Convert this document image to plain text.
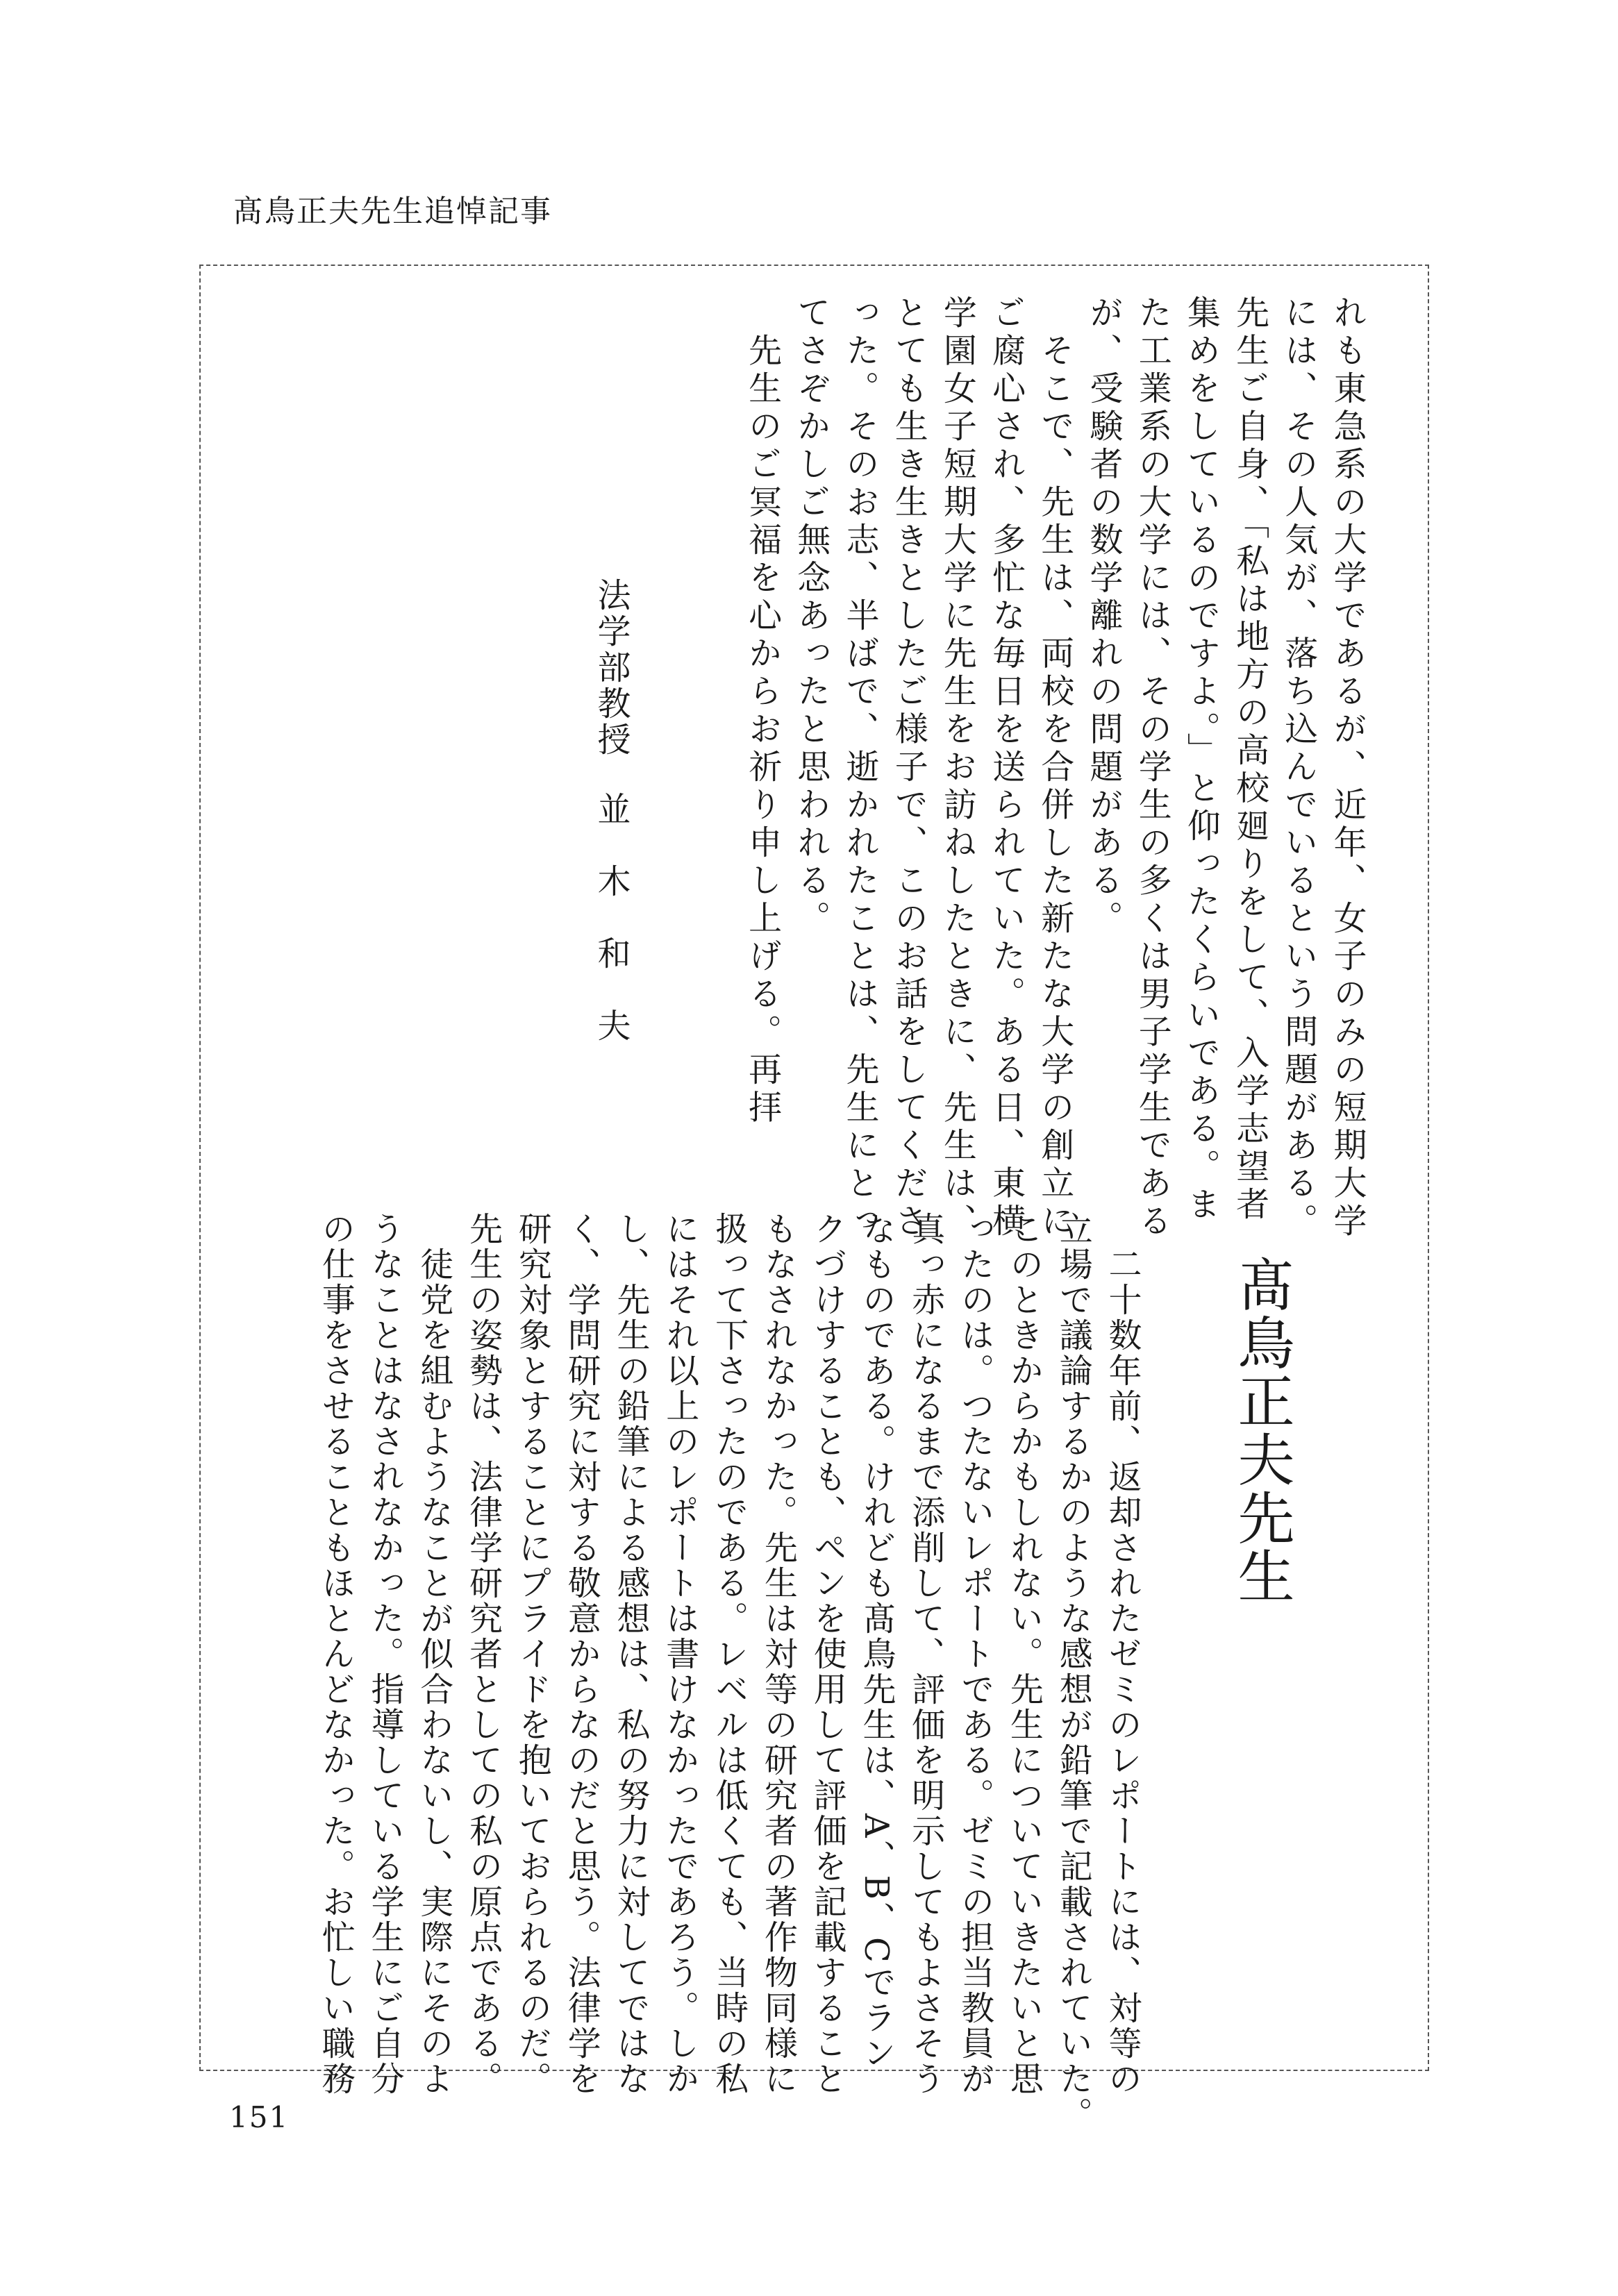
髙鳥正夫先生追悼記事
髙鳥正夫先生
れも東急系の大学であるが、近年、女子のみの短期大学
には、その人気が、落ち込んでいるという問題がある。
先生ご自身、「私は地方の高校廻りをして、入学志望者
集めをしているのですよ。」と仰ったくらいである。ま
た工業系の大学には、その学生の多くは男子学生である
が、受験者の数学離れの問題がある。
　そこで、先生は、両校を合併した新たな大学の創立に
ご腐心され、多忙な毎日を送られていた。ある日、東横
学園女子短期大学に先生をお訪ねしたときに、先生は、
とても生き生きとしたご様子で、このお話をしてくださ
った。そのお志、半ばで、逝かれたことは、先生にとっ
てさぞかしご無念あったと思われる。
　先生のご冥福を心からお祈り申し上げる。再拝
　二十数年前、返却されたゼミのレポートには、対等の
立場で議論するかのような感想が鉛筆で記載されていた。
このときからかもしれない。先生についていきたいと思
ったのは。つたないレポートである。ゼミの担当教員が
真っ赤になるまで添削して、評価を明示してもよさそう
なものである。けれども髙鳥先生は、A、B、Cでラン
クづけすることも、ペンを使用して評価を記載すること
もなされなかった。先生は対等の研究者の著作物同様に
扱って下さったのである。レベルは低くても、当時の私
にはそれ以上のレポートは書けなかったであろう。しか
し、先生の鉛筆による感想は、私の努力に対してではな
く、学問研究に対する敬意からなのだと思う。法律学を
研究対象とすることにプライドを抱いておられるのだ。
先生の姿勢は、法律学研究者としての私の原点である。
　徒党を組むようなことが似合わないし、実際にそのよ
うなことはなされなかった。指導している学生にご自分
の仕事をさせることもほとんどなかった。お忙しい職務
法学部教授並木和夫
151
